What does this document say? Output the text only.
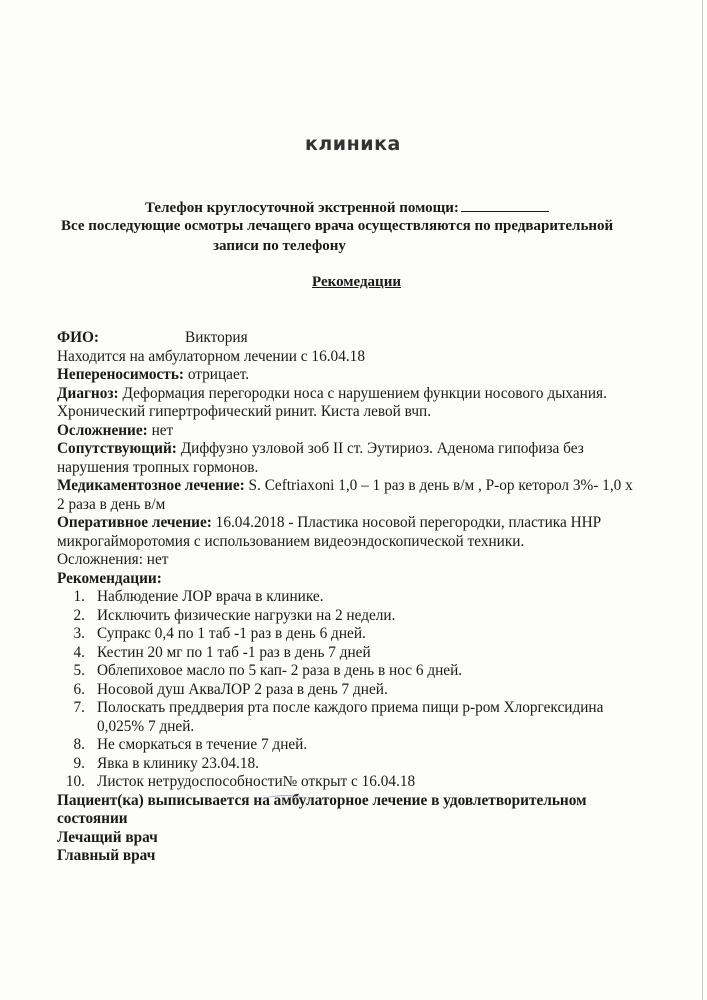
клиника
Телефон круглосуточной экстренной помощи:
Все последующие осмотры лечащего врача осуществляются по предварительной
записи по телефону
Рекомедации

ФИО:	Виктория

Находится на амбулаторном лечении с 16.04.18

Непереносимость: отрицает.

Диагноз: Деформация перегородки носа с нарушением функции носового дыхания.

Хронический гипертрофический ринит. Киста левой вчп.

Осложнение: нет

Сопутствующий: Диффузно узловой зоб II ст. Эутириоз. Аденома гипофиза без

нарушения тропных гормонов.

Медикаментозное лечение: S. Ceftriaxoni 1,0 – 1 раз в день в/м , Р-ор кеторол 3%- 1,0 х

2 раза в день в/м

Оперативное лечение: 16.04.2018 - Пластика носовой перегородки, пластика ННР

микрогайморотомия с использованием видеоэндоскопической техники.

Осложнения: нет

Рекомендации:

1. Наблюдение ЛОР врача в клинике.
2. Исключить физические нагрузки на 2 недели.
3. Супракс 0,4 по 1 таб -1 раз в день 6 дней.
4. Кестин 20 мг по 1 таб -1 раз в день 7 дней
5. Облепиховое масло по 5 кап- 2 раза в день в нос 6 дней.
6. Носовой душ АкваЛОР 2 раза в день 7 дней.
7. Полоскать преддверия рта после каждого приема пищи р-ром Хлоргексидина
0,025% 7 дней.
8. Не сморкаться в течение 7 дней.
9. Явка в клинику 23.04.18.
10. Листок нетрудоспособности№ открыт с 16.04.18

Пациент(ка) выписывается на амбулаторное лечение в удовлетворительном

состоянии

Лечащий врач

Главный врач
